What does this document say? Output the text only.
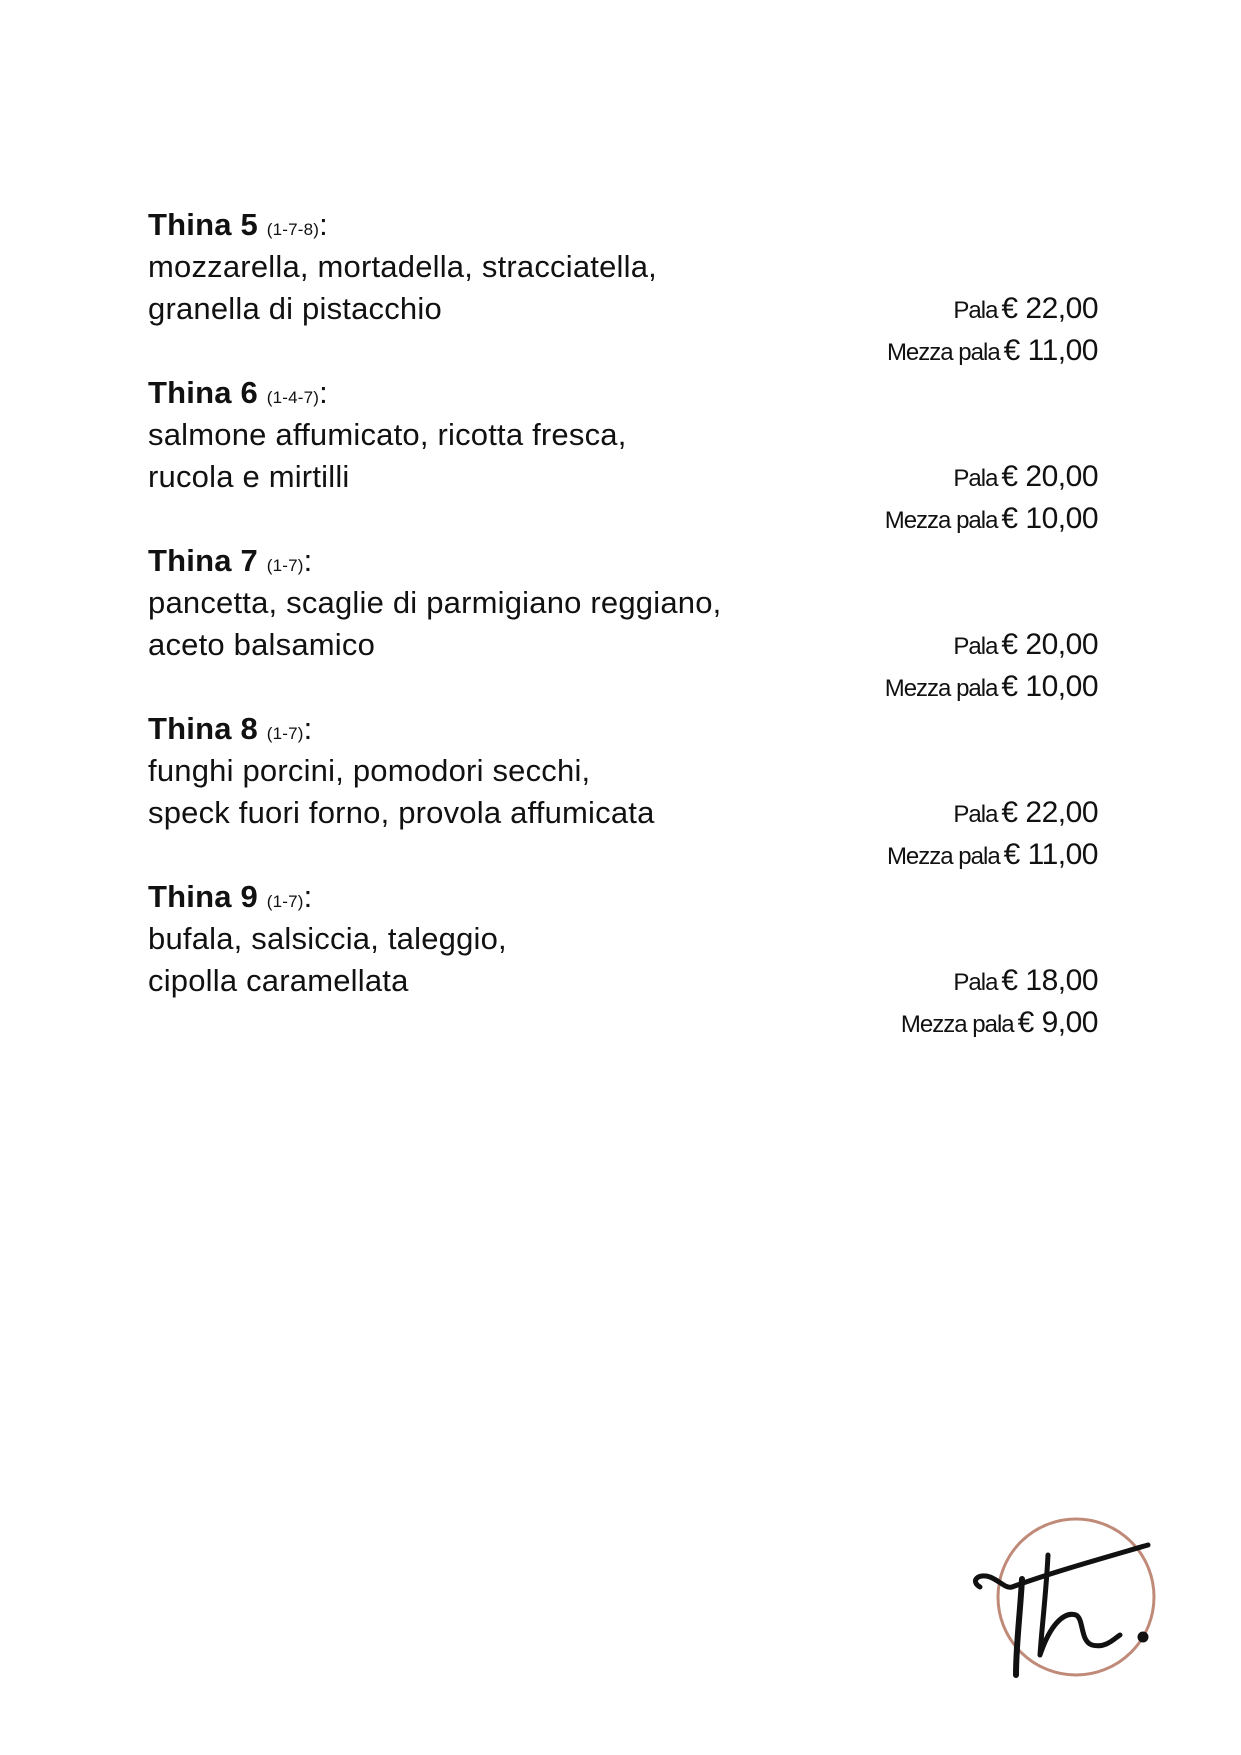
Thina 5 (1-7-8):
mozzarella, mortadella, stracciatella,
granella di pistacchio	Pala € 22,00
Mezza pala € 11,00
Thina 6 (1-4-7):
salmone affumicato, ricotta fresca,
rucola e mirtilli	Pala € 20,00
Mezza pala € 10,00
Thina 7 (1-7):
pancetta, scaglie di parmigiano reggiano,
aceto balsamico	Pala € 20,00
Mezza pala € 10,00
Thina 8 (1-7):
funghi porcini, pomodori secchi,
speck fuori forno, provola affumicata	Pala € 22,00
Mezza pala € 11,00
Thina 9 (1-7):
bufala, salsiccia, taleggio,
cipolla caramellata	Pala € 18,00
Mezza pala € 9,00
